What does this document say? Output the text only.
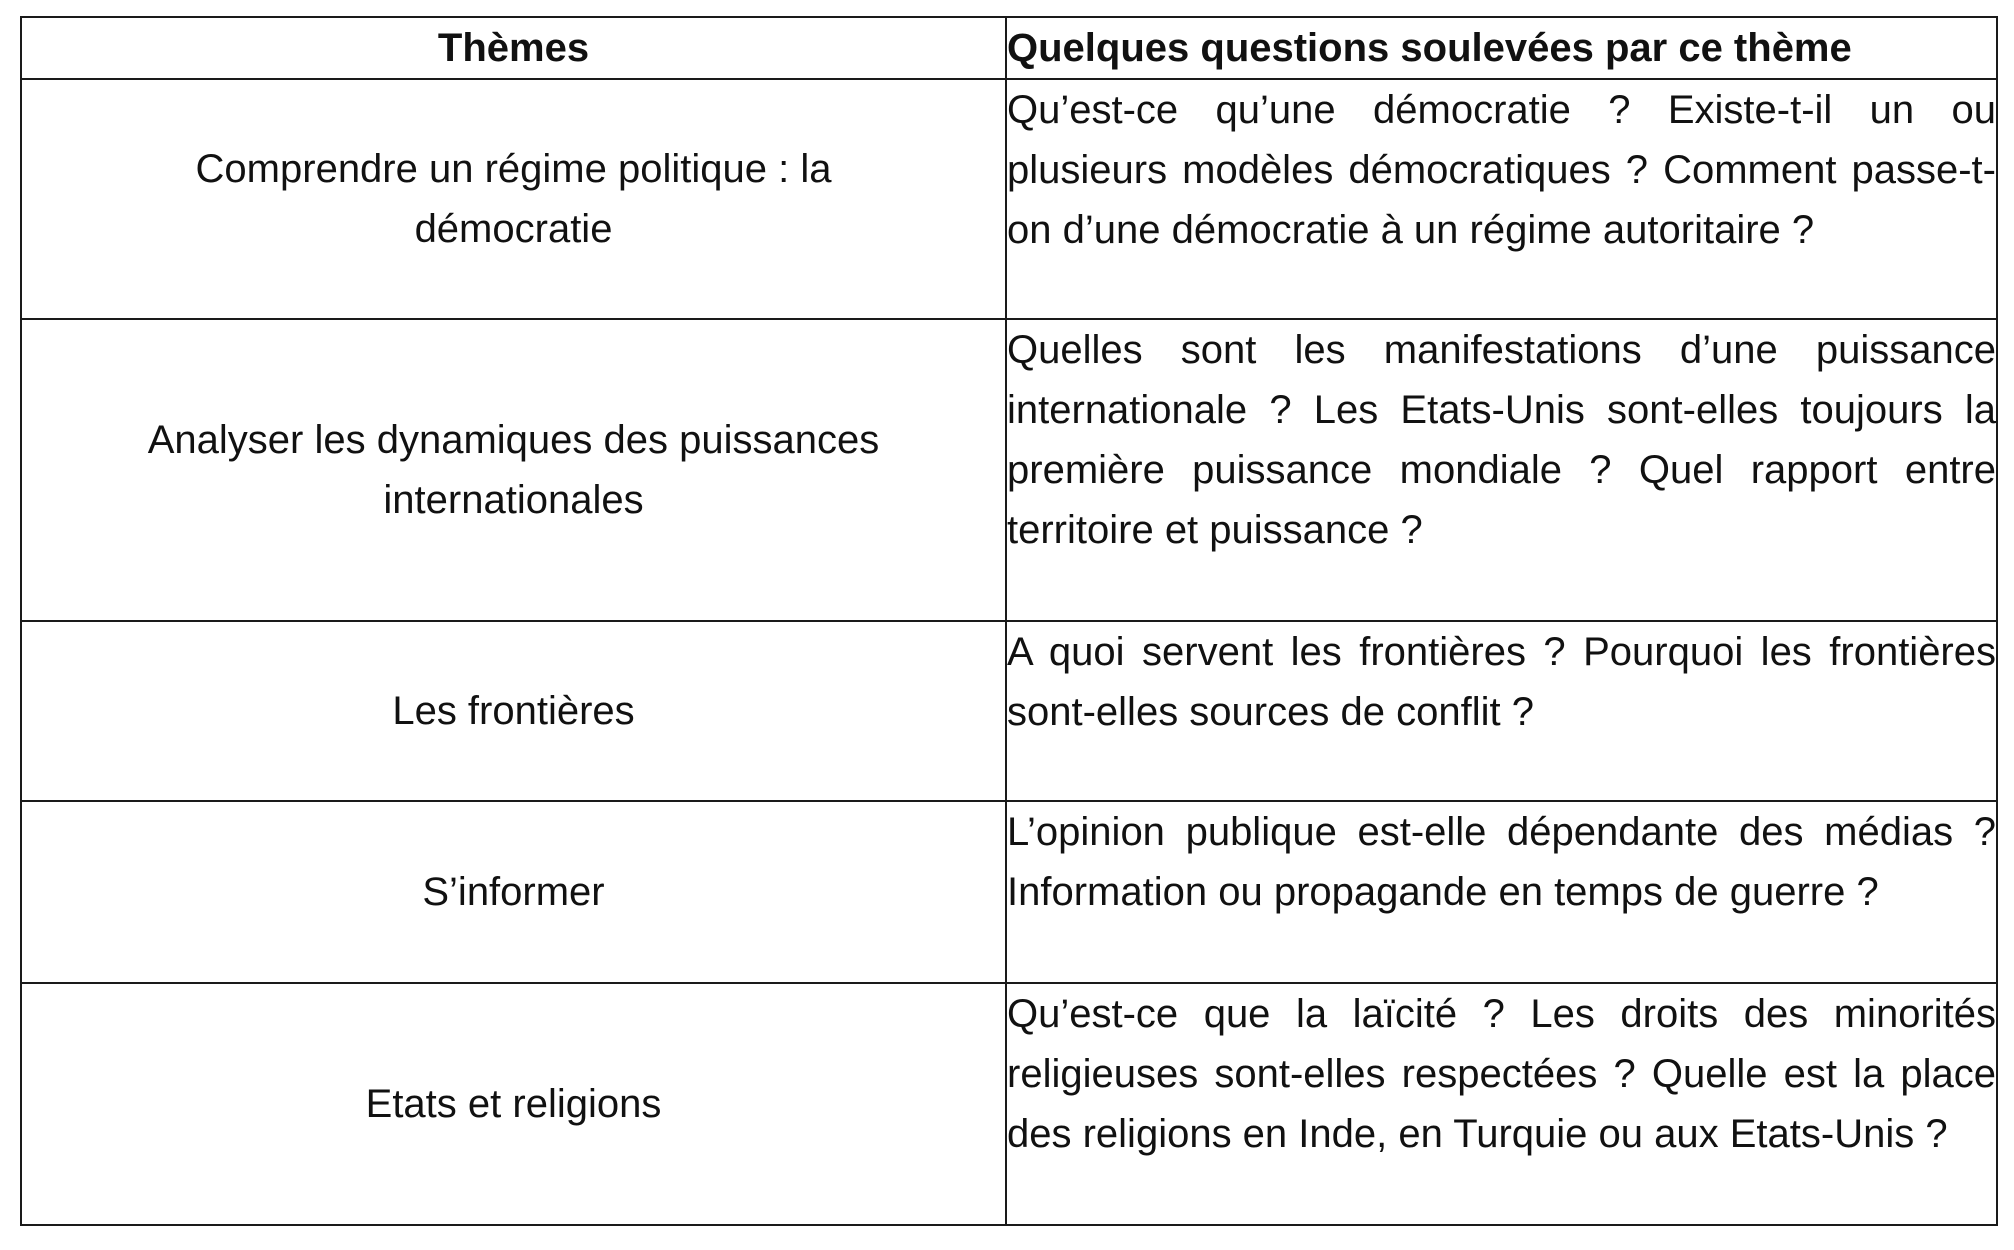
Thèmes	Quelques questions soulevées par ce thème
Comprendre un régime politique : la démocratie	Qu’est-ce qu’une démocratie ? Existe-t-il un ou plusieurs modèles démocratiques ? Comment passe-t-on d’une démocratie à un régime autoritaire ?
Analyser les dynamiques des puissances internationales	Quelles sont les manifestations d’une puissance internationale ? Les Etats-Unis sont-elles toujours la première puissance mondiale ? Quel rapport entre territoire et puissance ?
Les frontières	A quoi servent les frontières ? Pourquoi les frontières sont-elles sources de conflit ?
S’informer	L’opinion publique est-elle dépendante des médias ? Information ou propagande en temps de guerre ?
Etats et religions	Qu’est-ce que la laïcité ? Les droits des minorités religieuses sont-elles respectées ? Quelle est la place des religions en Inde, en Turquie ou aux Etats-Unis ?
